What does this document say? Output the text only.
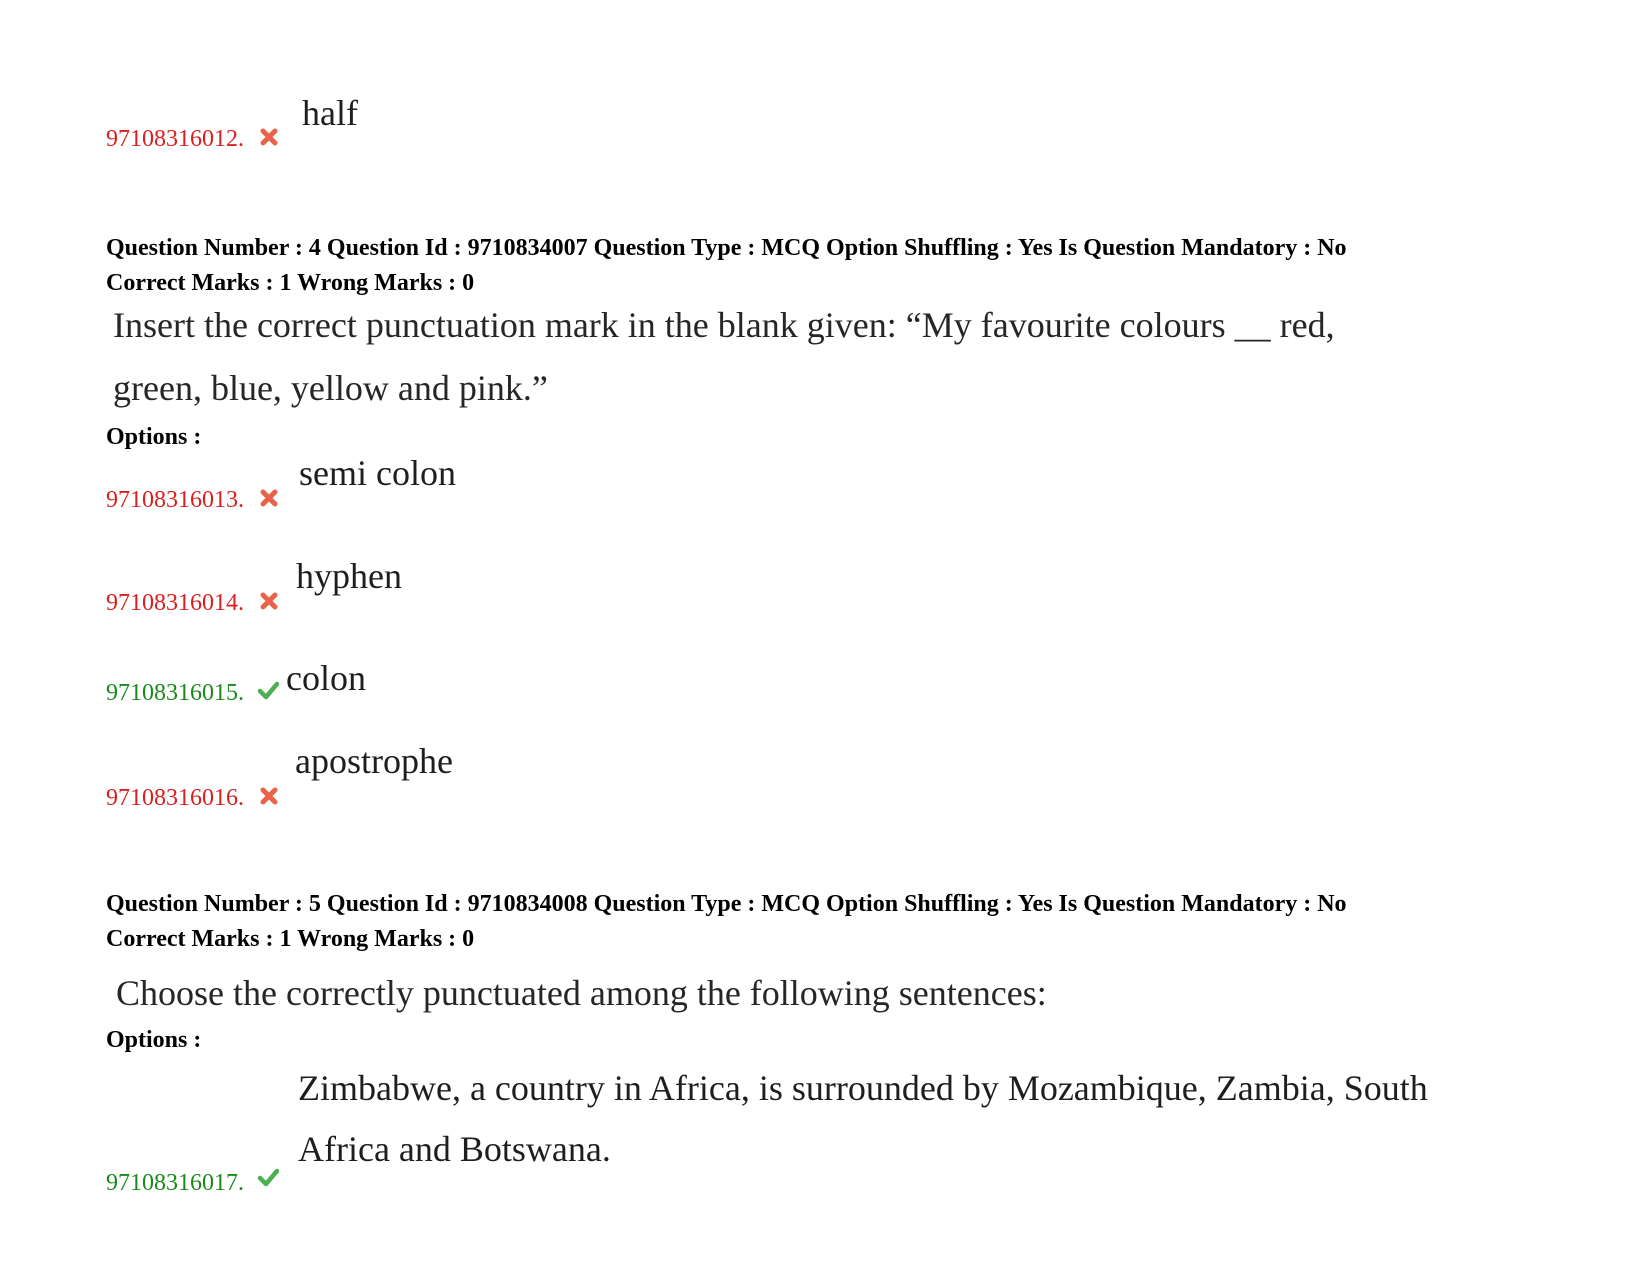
half
97108316012.
Question Number : 4 Question Id : 9710834007 Question Type : MCQ Option Shuffling : Yes Is Question Mandatory : No
Correct Marks : 1 Wrong Marks : 0
Insert the correct punctuation mark in the blank given: “My favourite colours __ red,
green, blue, yellow and pink.”
Options :
semi colon
97108316013.
hyphen
97108316014.
colon
97108316015.
apostrophe
97108316016.
Question Number : 5 Question Id : 9710834008 Question Type : MCQ Option Shuffling : Yes Is Question Mandatory : No
Correct Marks : 1 Wrong Marks : 0
Choose the correctly punctuated among the following sentences:
Options :
Zimbabwe, a country in Africa, is surrounded by Mozambique, Zambia, South
Africa and Botswana.
97108316017.
